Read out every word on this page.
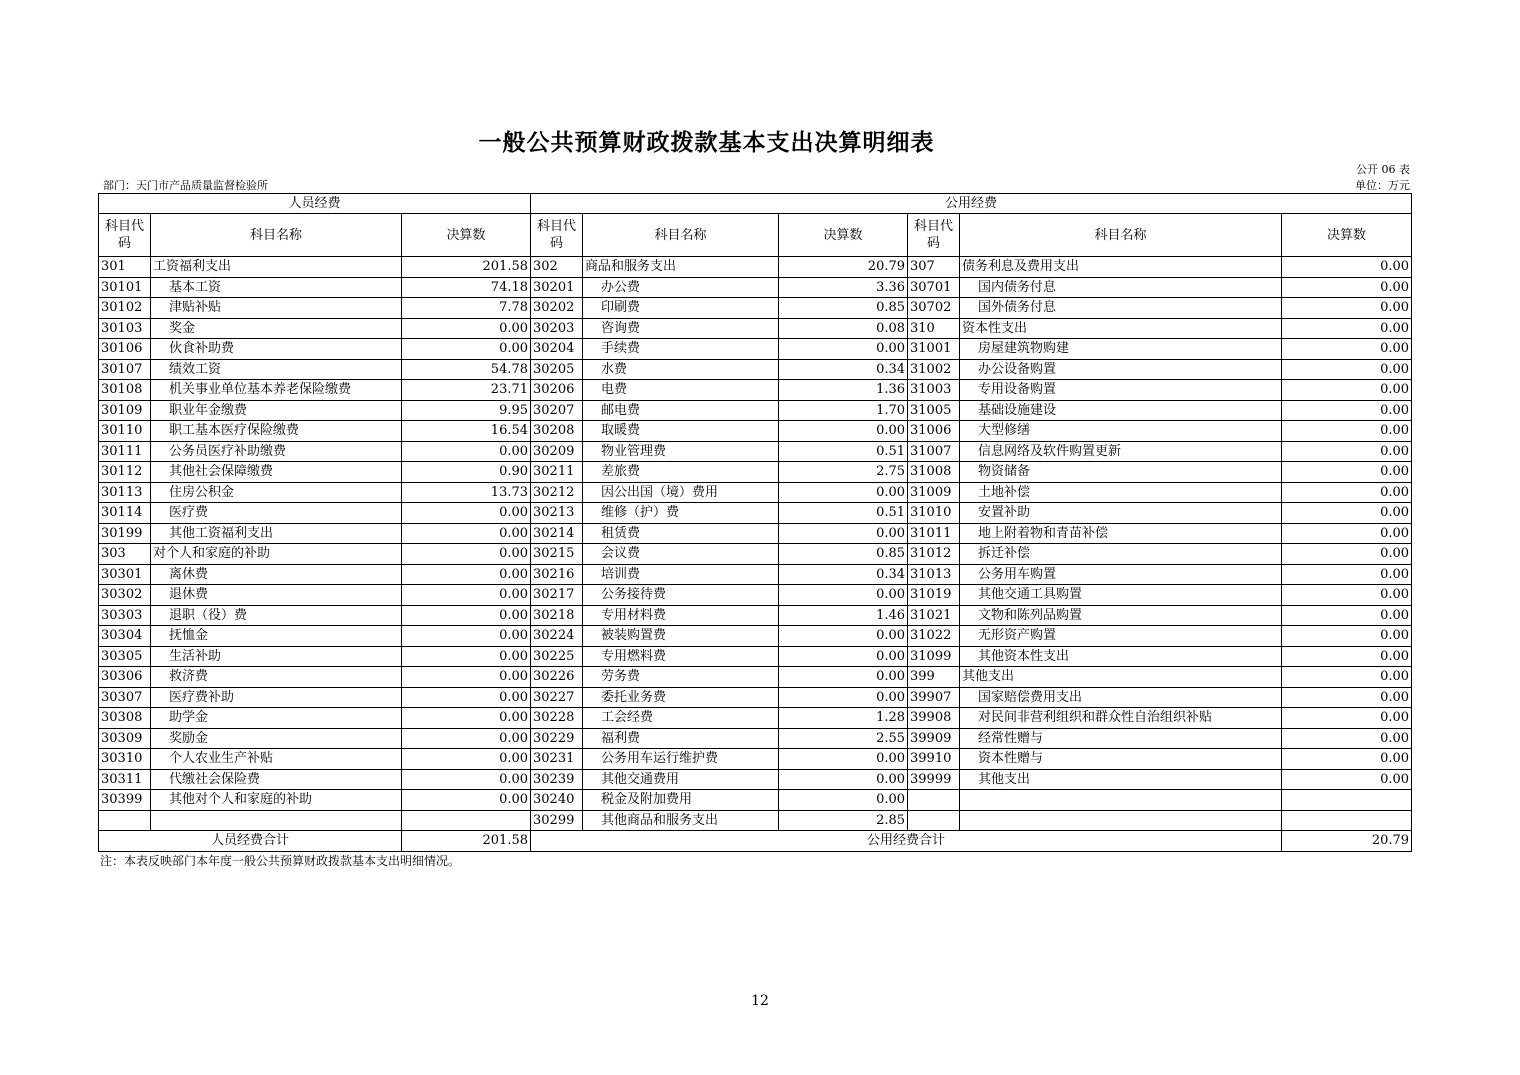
一般公共预算财政拨款基本支出决算明细表
公开 06 表
部门：天门市产品质量监督检验所	单位：万元
人员经费			公用经费					
科目代码	科目名称	决算数	科目代码	科目名称	决算数	科目代码	科目名称	决算数
301	工资福利支出	201.58	302	商品和服务支出	20.79	307	债务利息及费用支出	0.00
30101	基本工资	74.18	30201	办公费	3.36	30701	国内债务付息	0.00
30102	津贴补贴	7.78	30202	印刷费	0.85	30702	国外债务付息	0.00
30103	奖金	0.00	30203	咨询费	0.08	310	资本性支出	0.00
30106	伙食补助费	0.00	30204	手续费	0.00	31001	房屋建筑物购建	0.00
30107	绩效工资	54.78	30205	水费	0.34	31002	办公设备购置	0.00
30108	机关事业单位基本养老保险缴费	23.71	30206	电费	1.36	31003	专用设备购置	0.00
30109	职业年金缴费	9.95	30207	邮电费	1.70	31005	基础设施建设	0.00
30110	职工基本医疗保险缴费	16.54	30208	取暖费	0.00	31006	大型修缮	0.00
30111	公务员医疗补助缴费	0.00	30209	物业管理费	0.51	31007	信息网络及软件购置更新	0.00
30112	其他社会保障缴费	0.90	30211	差旅费	2.75	31008	物资储备	0.00
30113	住房公积金	13.73	30212	因公出国（境）费用	0.00	31009	土地补偿	0.00
30114	医疗费	0.00	30213	维修（护）费	0.51	31010	安置补助	0.00
30199	其他工资福利支出	0.00	30214	租赁费	0.00	31011	地上附着物和青苗补偿	0.00
303	对个人和家庭的补助	0.00	30215	会议费	0.85	31012	拆迁补偿	0.00
30301	离休费	0.00	30216	培训费	0.34	31013	公务用车购置	0.00
30302	退休费	0.00	30217	公务接待费	0.00	31019	其他交通工具购置	0.00
30303	退职（役）费	0.00	30218	专用材料费	1.46	31021	文物和陈列品购置	0.00
30304	抚恤金	0.00	30224	被装购置费	0.00	31022	无形资产购置	0.00
30305	生活补助	0.00	30225	专用燃料费	0.00	31099	其他资本性支出	0.00
30306	救济费	0.00	30226	劳务费	0.00	399	其他支出	0.00
30307	医疗费补助	0.00	30227	委托业务费	0.00	39907	国家赔偿费用支出	0.00
30308	助学金	0.00	30228	工会经费	1.28	39908	对民间非营利组织和群众性自治组织补贴	0.00
30309	奖励金	0.00	30229	福利费	2.55	39909	经常性赠与	0.00
30310	个人农业生产补贴	0.00	30231	公务用车运行维护费	0.00	39910	资本性赠与	0.00
30311	代缴社会保险费	0.00	30239	其他交通费用	0.00	39999	其他支出	0.00
30399	其他对个人和家庭的补助	0.00	30240	税金及附加费用	0.00			
			30299	其他商品和服务支出	2.85			
人员经费合计		201.58	公用经费合计					20.79
注：本表反映部门本年度一般公共预算财政拨款基本支出明细情况。
12
